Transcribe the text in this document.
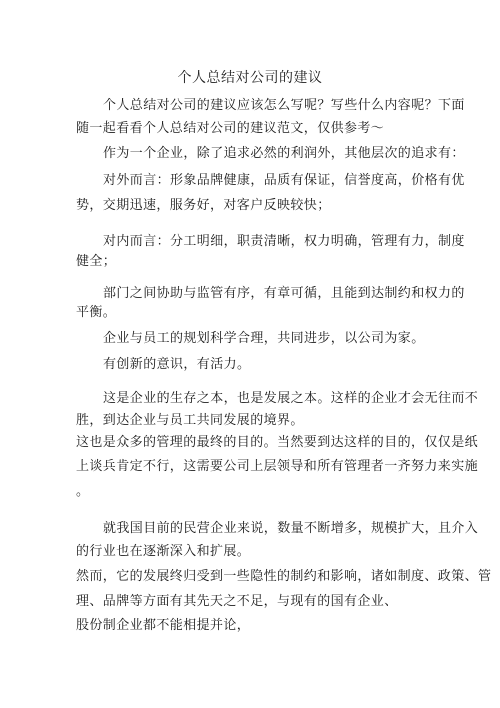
个人总结对公司的建议
个人总结对公司的建议应该怎么写呢？写些什么内容呢？下面
随一起看看个人总结对公司的建议范文，仅供参考～
作为一个企业，除了追求必然的利润外，其他层次的追求有：
对外而言：形象品牌健康，品质有保证，信誉度高，价格有优
势，交期迅速，服务好，对客户反映较快；
对内而言：分工明细，职责清晰，权力明确，管理有力，制度
健全；
部门之间协助与监管有序，有章可循，且能到达制约和权力的
平衡。
企业与员工的规划科学合理，共同进步，以公司为家。
有创新的意识，有活力。
这是企业的生存之本，也是发展之本。这样的企业才会无往而不
胜，到达企业与员工共同发展的境界。
这也是众多的管理的最终的目的。当然要到达这样的目的，仅仅是纸
上谈兵肯定不行，这需要公司上层领导和所有管理者一齐努力来实施
。
就我国目前的民营企业来说，数量不断增多，规模扩大，且介入
的行业也在逐渐深入和扩展。
然而，它的发展终归受到一些隐性的制约和影响，诸如制度、政策、管
理、品牌等方面有其先天之不足，与现有的国有企业、
股份制企业都不能相提并论，
